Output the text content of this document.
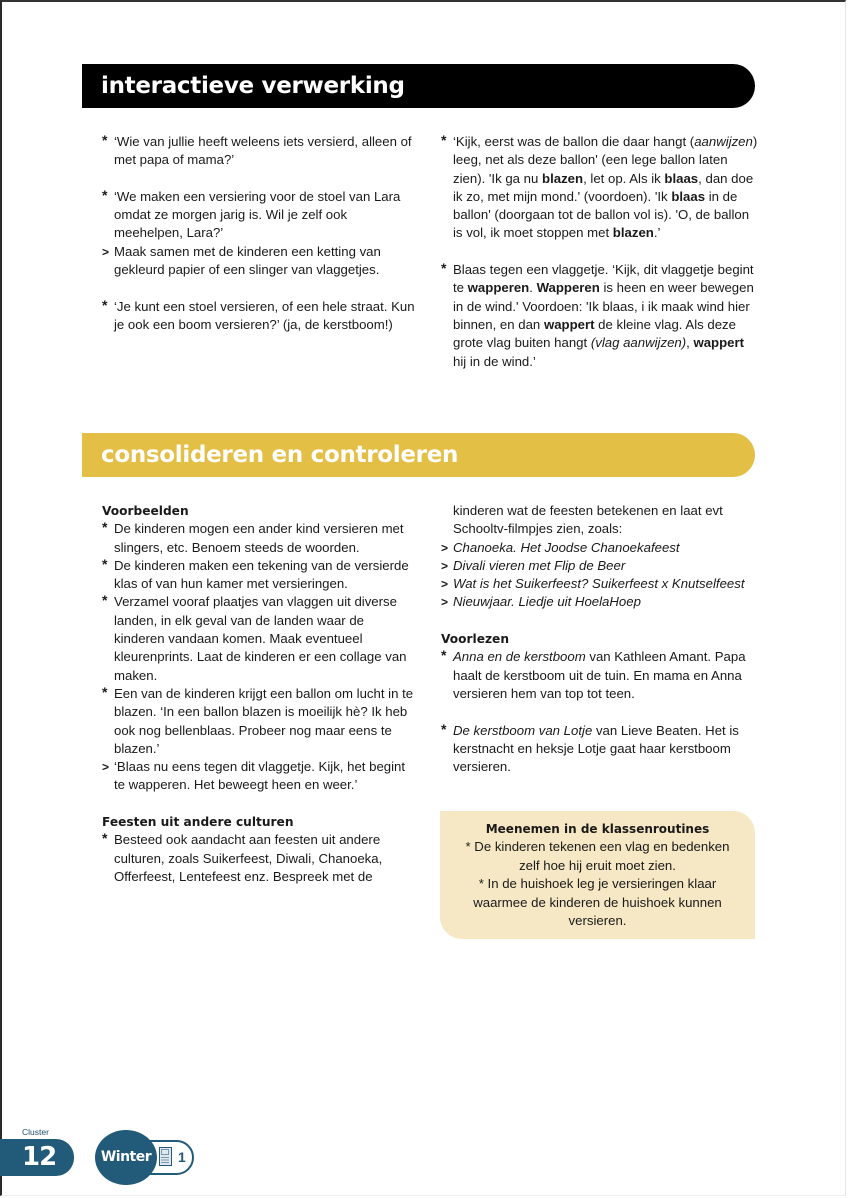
interactieve verwerking
* ‘Wie van jullie heeft weleens iets versierd, alleen of met papa of mama?’
* ‘We maken een versiering voor de stoel van Lara omdat ze morgen jarig is. Wil je zelf ook meehelpen, Lara?’
> Maak samen met de kinderen een ketting van gekleurd papier of een slinger van vlaggetjes.
* ‘Je kunt een stoel versieren, of een hele straat. Kun je ook een boom versieren?’ (ja, de kerstboom!)
* ‘Kijk, eerst was de ballon die daar hangt (aanwijzen) leeg, net als deze ballon' (een lege ballon laten zien). 'Ik ga nu blazen, let op. Als ik blaas, dan doe ik zo, met mijn mond.' (voordoen). 'Ik blaas in de ballon' (doorgaan tot de ballon vol is). 'O, de ballon is vol, ik moet stoppen met blazen.’
* Blaas tegen een vlaggetje. ‘Kijk, dit vlaggetje begint te wapperen. Wapperen is heen en weer bewegen in de wind.' Voordoen: 'Ik blaas, i ik maak wind hier binnen, en dan wappert de kleine vlag. Als deze grote vlag buiten hangt (vlag aanwijzen), wappert hij in de wind.’
consolideren en controleren

Voorbeelden

* De kinderen mogen een ander kind versieren met slingers, etc. Benoem steeds de woorden.
* De kinderen maken een tekening van de versierde klas of van hun kamer met versieringen.
* Verzamel vooraf plaatjes van vlaggen uit diverse landen, in elk geval van de landen waar de kinderen vandaan komen. Maak eventueel kleurenprints. Laat de kinderen er een collage van maken.
* Een van de kinderen krijgt een ballon om lucht in te blazen. ‘In een ballon blazen is moeilijk hè? Ik heb ook nog bellenblaas. Probeer nog maar eens te blazen.’
> ‘Blaas nu eens tegen dit vlaggetje. Kijk, het begint te wapperen. Het beweegt heen en weer.’

Feesten uit andere culturen

* Besteed ook aandacht aan feesten uit andere culturen, zoals Suikerfeest, Diwali, Chanoeka, Offerfeest, Lentefeest enz. Bespreek met de
kinderen wat de feesten betekenen en laat evt Schooltv-filmpjes zien, zoals:
> Chanoeka. Het Joodse Chanoekafeest
> Divali vieren met Flip de Beer
> Wat is het Suikerfeest? Suikerfeest x Knutselfeest
> Nieuwjaar. Liedje uit HoelaHoep

Voorlezen

* Anna en de kerstboom van Kathleen Amant. Papa haalt de kerstboom uit de tuin. En mama en Anna versieren hem van top tot teen.
* De kerstboom van Lotje van Lieve Beaten. Het is kerstnacht en heksje Lotje gaat haar kerstboom versieren.
Meenemen in de klassenroutines
* De kinderen tekenen een vlag en bedenken
zelf hoe hij eruit moet zien.
* In de huishoek leg je versieringen klaar
waarmee de kinderen de huishoek kunnen
versieren.
Cluster
12	Winter	1
